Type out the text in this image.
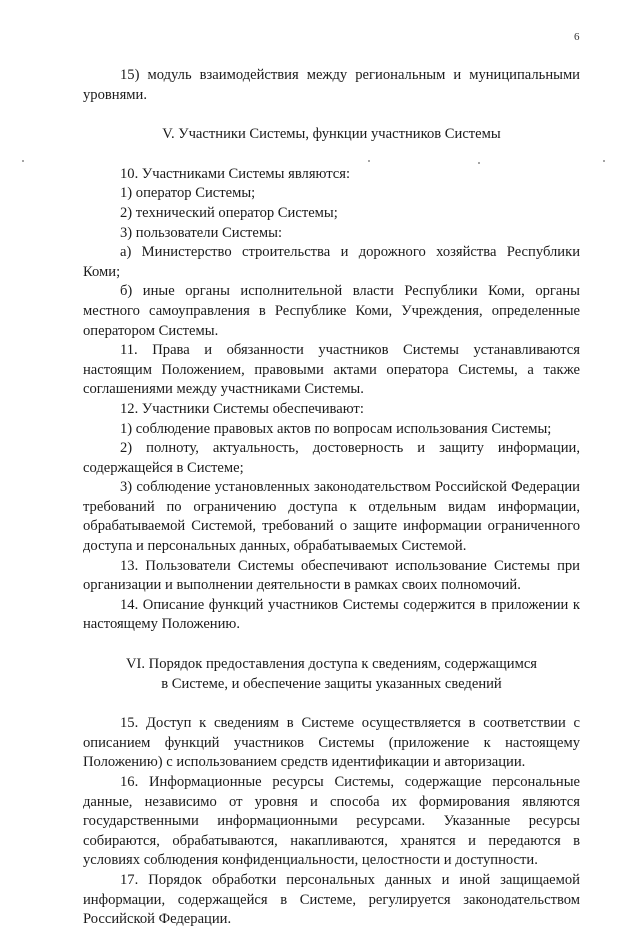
6

15) модуль взаимодействия между региональным и муниципальными уровнями.

V. Участники Системы, функции участников Системы

10. Участниками Системы являются:

1) оператор Системы;

2) технический оператор Системы;

3) пользователи Системы:

а) Министерство строительства и дорожного хозяйства Республики Коми;

б) иные органы исполнительной власти Республики Коми, органы местного самоуправления в Республике Коми, Учреждения, определенные оператором Системы.

11. Права и обязанности участников Системы устанавливаются настоящим Положением, правовыми актами оператора Системы, а также соглашениями между участниками Системы.

12. Участники Системы обеспечивают:

1) соблюдение правовых актов по вопросам использования Системы;

2) полноту, актуальность, достоверность и защиту информации, содержащейся в Системе;

3) соблюдение установленных законодательством Российской Федерации требований по ограничению доступа к отдельным видам информации, обрабатываемой Системой, требований о защите информации ограниченного доступа и персональных данных, обрабатываемых Системой.

13. Пользователи Системы обеспечивают использование Системы при организации и выполнении деятельности в рамках своих полномочий.

14. Описание функций участников Системы содержится в приложении к настоящему Положению.

VI. Порядок предоставления доступа к сведениям, содержащимся
в Системе, и обеспечение защиты указанных сведений

15. Доступ к сведениям в Системе осуществляется в соответствии с описанием функций участников Системы (приложение к настоящему Положению) с использованием средств идентификации и авторизации.

16. Информационные ресурсы Системы, содержащие персональные данные, независимо от уровня и способа их формирования являются государственными информационными ресурсами. Указанные ресурсы собираются, обрабатываются, накапливаются, хранятся и передаются в условиях соблюдения конфиденциальности, целостности и доступности.

17. Порядок обработки персональных данных и иной защищаемой информации, содержащейся в Системе, регулируется законодательством Российской Федерации.
